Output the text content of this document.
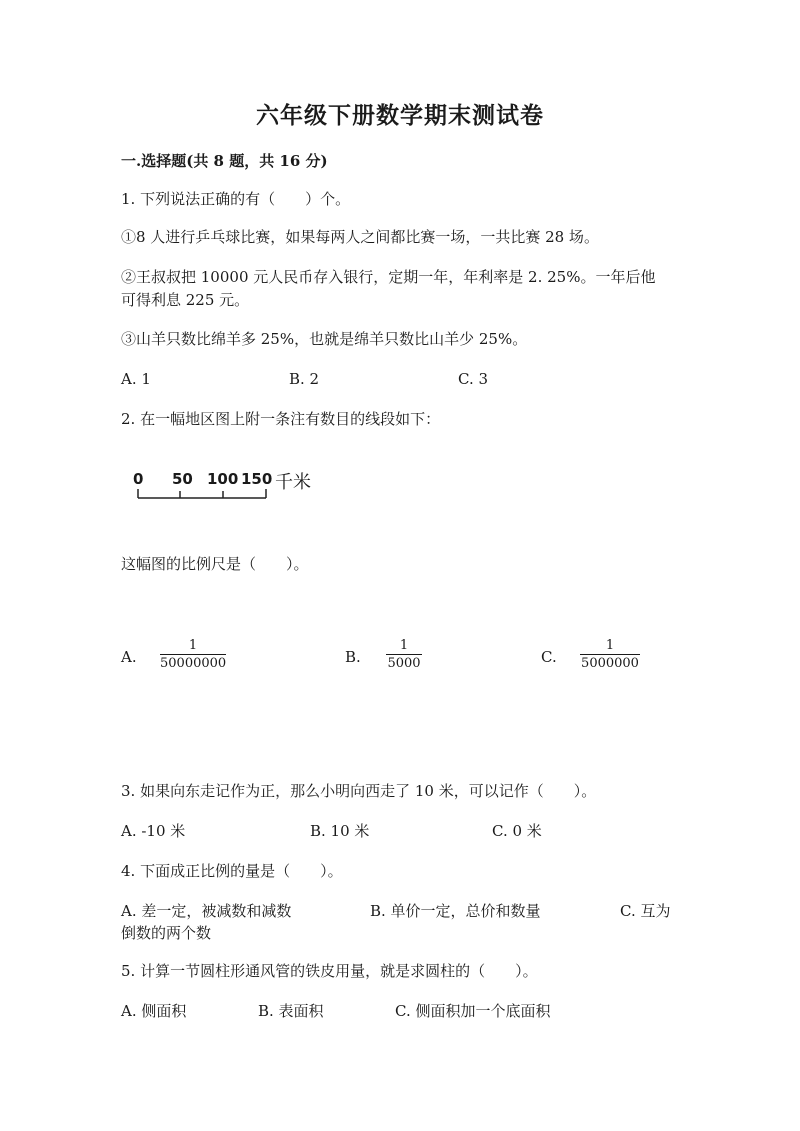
六年级下册数学期末测试卷
一.选择题(共 8 题，共 16 分)
1. 下列说法正确的有（　　）个。
①8 人进行乒乓球比赛，如果每两人之间都比赛一场，一共比赛 28 场。
②王叔叔把 10000 元人民币存入银行，定期一年，年利率是 2. 25%。一年后他
可得利息 225 元。
③山羊只数比绵羊多 25%，也就是绵羊只数比山羊少 25%。
A. 1	B. 2	C. 3
2. 在一幅地区图上附一条注有数目的线段如下：
0 50 100 150 千米
这幅图的比例尺是（　　）。
A.
1
50000000	B.
1
5000	C.
1
5000000
3. 如果向东走记作为正，那么小明向西走了 10 米，可以记作（　　）。
A. -10 米	B. 10 米	C. 0 米
4. 下面成正比例的量是（　　）。
A. 差一定，被减数和减数	B. 单价一定，总价和数量	C. 互为
倒数的两个数
5. 计算一节圆柱形通风管的铁皮用量，就是求圆柱的（　　）。
A. 侧面积	B. 表面积	C. 侧面积加一个底面积
